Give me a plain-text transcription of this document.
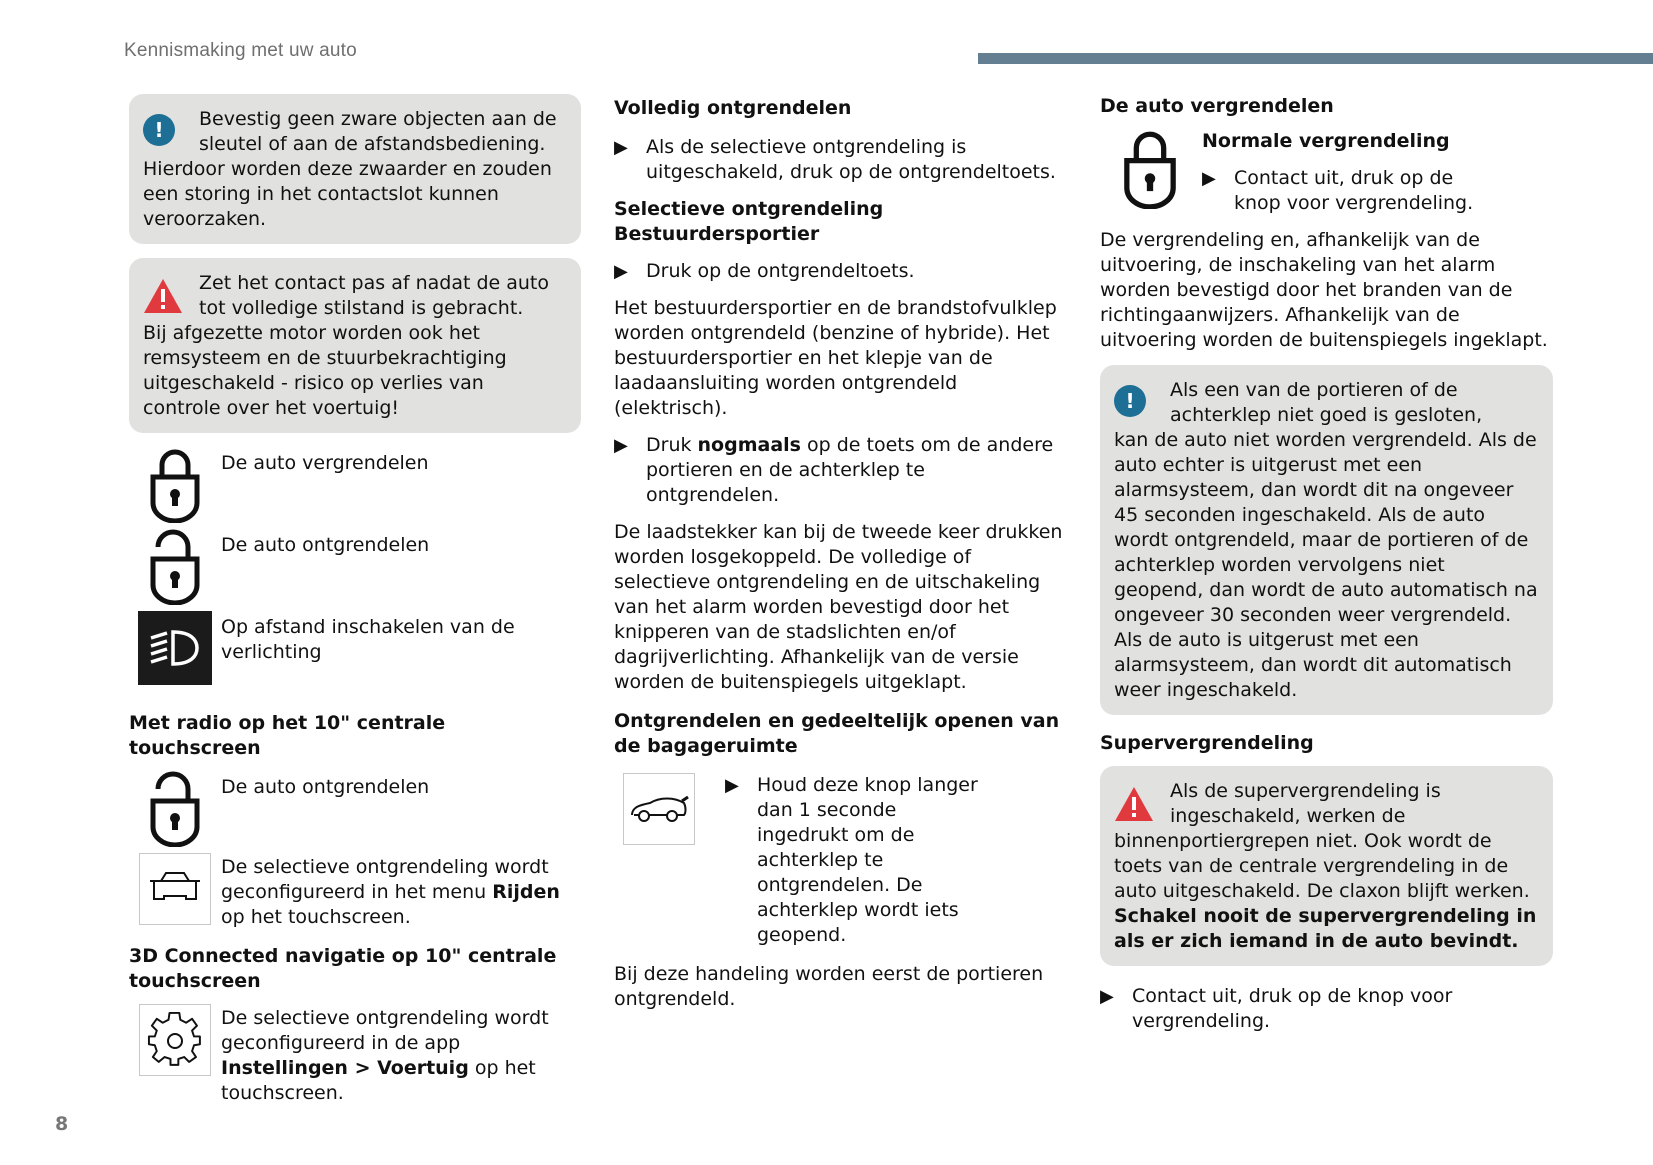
Kennismaking met uw auto
!	Bevestig geen zware objecten aan de sleutel of aan de afstandsbediening.
Hierdoor worden deze zwaarder en zouden een storing in het contactslot kunnen veroorzaken.
Zet het contact pas af nadat de auto tot volledige stilstand is gebracht.
Bij afgezette motor worden ook het remsysteem en de stuurbekrachtiging uitgeschakeld - risico op verlies van controle over het voertuig!
De auto vergrendelen
De auto ontgrendelen
Op afstand inschakelen van de verlichting
Met radio op het 10" centrale touchscreen
De auto ontgrendelen
De selectieve ontgrendeling wordt geconfigureerd in het menu Rijden op het touchscreen.
3D Connected navigatie op 10" centrale touchscreen
De selectieve ontgrendeling wordt geconfigureerd in de app Instellingen > Voertuig op het touchscreen.
Volledig ontgrendelen
▶ Als de selectieve ontgrendeling is uitgeschakeld, druk op de ontgrendeltoets.
Selectieve ontgrendeling
Bestuurdersportier
▶ Druk op de ontgrendeltoets.
Het bestuurdersportier en de brandstofvulklep worden ontgrendeld (benzine of hybride). Het bestuurdersportier en het klepje van de laadaansluiting worden ontgrendeld (elektrisch).
▶ Druk nogmaals op de toets om de andere portieren en de achterklep te ontgrendelen.
De laadstekker kan bij de tweede keer drukken worden losgekoppeld. De volledige of selectieve ontgrendeling en de uitschakeling van het alarm worden bevestigd door het knipperen van de stadslichten en/of dagrijverlichting. Afhankelijk van de versie worden de buitenspiegels uitgeklapt.
Ontgrendelen en gedeeltelijk openen van de bagageruimte
▶ Houd deze knop langer dan 1 seconde ingedrukt om de achterklep te ontgrendelen. De achterklep wordt iets geopend.
Bij deze handeling worden eerst de portieren ontgrendeld.
De auto vergrendelen
Normale vergrendeling
▶ Contact uit, druk op de knop voor vergrendeling.
De vergrendeling en, afhankelijk van de uitvoering, de inschakeling van het alarm worden bevestigd door het branden van de richtingaanwijzers. Afhankelijk van de uitvoering worden de buitenspiegels ingeklapt.
!	Als een van de portieren of de achterklep niet goed is gesloten,
kan de auto niet worden vergrendeld. Als de auto echter is uitgerust met een alarmsysteem, dan wordt dit na ongeveer 45 seconden ingeschakeld. Als de auto wordt ontgrendeld, maar de portieren of de achterklep worden vervolgens niet geopend, dan wordt de auto automatisch na ongeveer 30 seconden weer vergrendeld. Als de auto is uitgerust met een alarmsysteem, dan wordt dit automatisch weer ingeschakeld.
Supervergrendeling
Als de supervergrendeling is ingeschakeld, werken de
binnenportiergrepen niet. Ook wordt de toets van de centrale vergrendeling in de auto uitgeschakeld. De claxon blijft werken.
Schakel nooit de supervergrendeling in als er zich iemand in de auto bevindt.
▶ Contact uit, druk op de knop voor vergrendeling.
8
